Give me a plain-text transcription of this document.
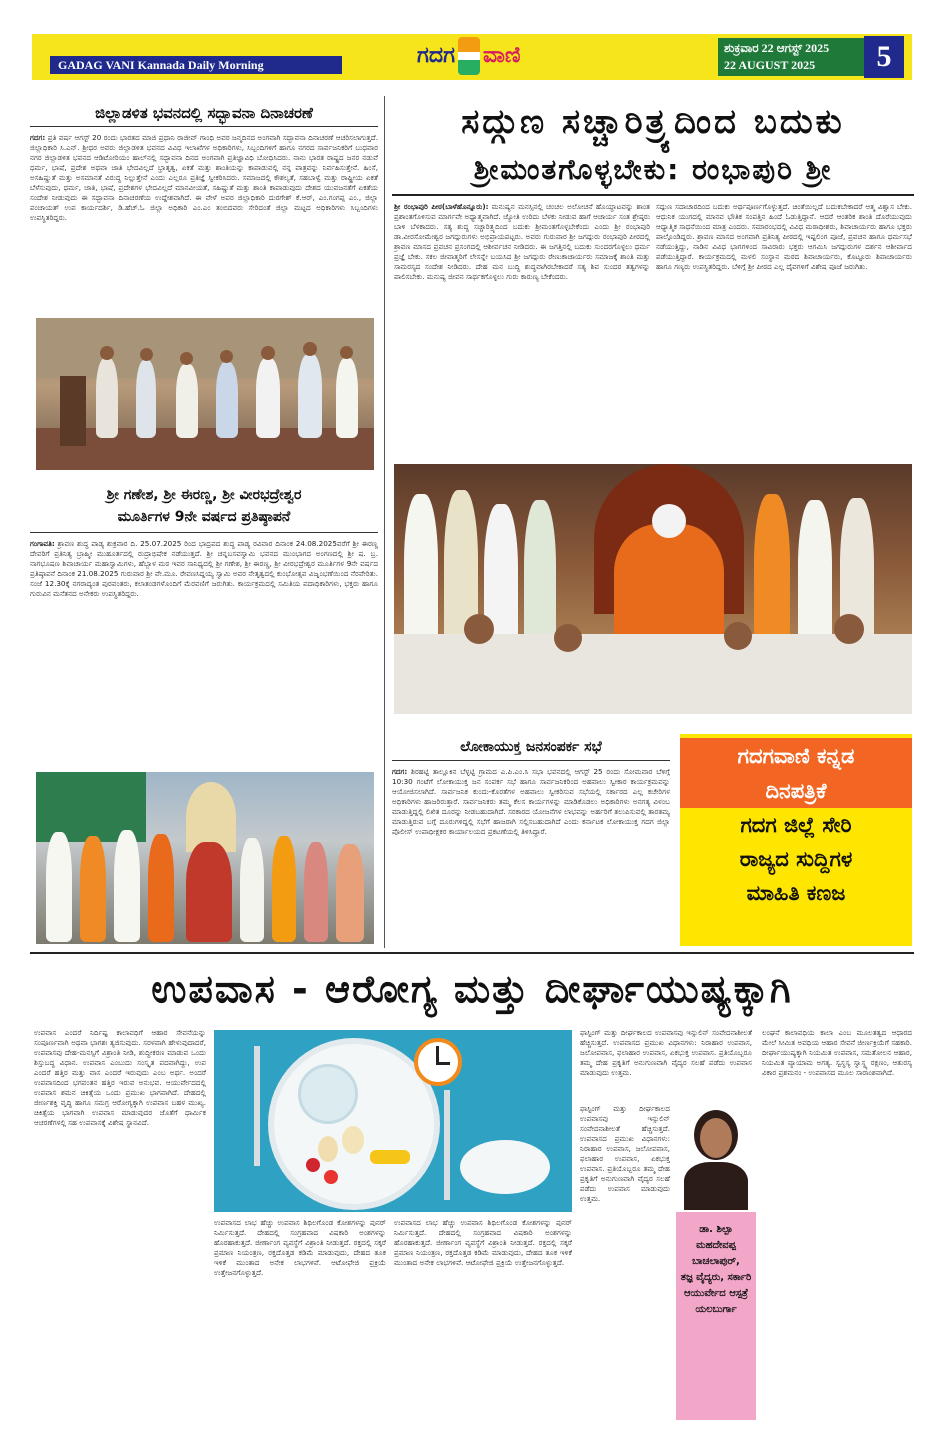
GADAG VANI Kannada Daily Morning	ಗದಗ ವಾಣಿ	ಶುಕ್ರವಾರ 22 ಆಗಸ್ಟ್ 2025
22 AUGUST 2025	5
ಜಿಲ್ಲಾಡಳಿತ ಭವನದಲ್ಲಿ ಸದ್ಭಾವನಾ ದಿನಾಚರಣೆ
ಗದಗ: ಪ್ರತಿ ವರ್ಷ ಆಗಸ್ಟ್ 20 ರಂದು ಭಾರತದ ಮಾಜಿ ಪ್ರಧಾನಿ ರಾಜೀವ್ ಗಾಂಧಿ ಅವರ ಜನ್ಮದಿನದ ಅಂಗವಾಗಿ ಸದ್ಭಾವನಾ ದಿನಾಚರಣೆ ಆಚರಿಸಲಾಗುತ್ತದೆ. ಜಿಲ್ಲಾಧಿಕಾರಿ ಸಿ.ಎನ್. ಶ್ರೀಧರ ಅವರು ಜಿಲ್ಲಾಡಳಿತ ಭವನದ ವಿವಿಧ ಇಲಾಖೆಗಳ ಅಧಿಕಾರಿಗಳು, ಸಿಬ್ಬಂದಿಗಳಿಗೆ ಹಾಗೂ ನಗರದ ಸಾರ್ವಜನಿಕರಿಗೆ ಬುಧವಾರ ನಗರ ಜಿಲ್ಲಾಡಳಿತ ಭವನದ ಆಡಿಟೋರಿಯಂ ಹಾಲ್‌ನಲ್ಲಿ ಸದ್ಭಾವನಾ ದಿನದ ಅಂಗವಾಗಿ ಪ್ರತಿಜ್ಞಾವಿಧಿ ಬೋಧಿಸಿದರು. ನಾನು ಭಾರತ ರಾಷ್ಟ್ರದ ಜನರ ನಡುವೆ ಧರ್ಮ, ಭಾಷೆ, ಪ್ರದೇಶ ಅಥವಾ ಜಾತಿ ಭೇದವಿಲ್ಲದೆ ಭ್ರಾತೃತ್ವ, ಏಕತೆ ಮತ್ತು ಶಾಂತಿಯನ್ನು ಕಾಪಾಡುವಲ್ಲಿ ನನ್ನ ಪಾತ್ರವನ್ನು ನಿರ್ವಹಿಸುತ್ತೇನೆ. ಹಿಂಸೆ, ಅಸಹಿಷ್ಣುತೆ ಮತ್ತು ಅಸಮಾನತೆ ವಿರುದ್ಧ ನಿಲ್ಲುತ್ತೇನೆ ಎಂದು ಎಲ್ಲರೂ ಪ್ರತಿಜ್ಞೆ ಸ್ವೀಕರಿಸಿದರು. ಸಮಾಜದಲ್ಲಿ ಕೌಶಲ್ಯತೆ, ಸಹಬಾಳ್ವೆ ಮತ್ತು ರಾಷ್ಟ್ರೀಯ ಏಕತೆ ಬೆಳೆಸುವುದು, ಧರ್ಮ, ಜಾತಿ, ಭಾಷೆ, ಪ್ರದೇಶಗಳ ಭೇದವಿಲ್ಲದೆ ಮಾನವೀಯತೆ, ಸಹಿಷ್ಣುತೆ ಮತ್ತು ಶಾಂತಿ ಕಾಪಾಡುವುದು ದೇಶದ ಯುವಜನತೆಗೆ ಏಕತೆಯ ಸಂದೇಶ ನೀಡುವುದು ಈ ಸದ್ಭಾವನಾ ದಿನಾಚರಣೆಯ ಉದ್ದೇಶವಾಗಿದೆ. ಈ ವೇಳೆ ಅಪರ ಜಿಲ್ಲಾಧಿಕಾರಿ ದುರಗೇಶ್ ಕೆ.ಆರ್, ಎಂ.ಗಂಗಪ್ಪ ಎಂ., ಜಿಲ್ಲಾ ಪಂಚಾಯತ್ ಉಪ ಕಾರ್ಯದರ್ಶಿ, ಡಿ.ಹೆಚ್.ಓ ಜಿಲ್ಲಾ ಅಧಿಕಾರಿ ಎಂ.ಎಂ ತಂಬಿದವರು ಸೇರಿದಂತೆ ಜಿಲ್ಲಾ ಮಟ್ಟದ ಅಧಿಕಾರಿಗಳು ಸಿಬ್ಬಂದಿಗಳು ಉಪಸ್ಥಿತರಿದ್ದರು.
ಶ್ರೀ ಗಣೇಶ, ಶ್ರೀ ಈರಣ್ಣ, ಶ್ರೀ ವೀರಭದ್ರೇಶ್ವರ
ಮೂರ್ತಿಗಳ 9ನೇ ವರ್ಷದ ಪ್ರತಿಷ್ಠಾಪನೆ
ಗಂಗಾವತಿ: ಶ್ರಾವಣ ಶುದ್ಧ ಪಾಡ್ಯ ಶುಕ್ರವಾರ ದಿ. 25.07.2025 ರಿಂದ ಭಾದ್ರಪದ ಶುದ್ಧ ಪಾಡ್ಯ ರವಿವಾರ ದಿನಾಂಕ 24.08.2025ವರೆಗೆ ಶ್ರೀ ಈರಣ್ಣ ದೇವರಿಗೆ ಪ್ರತಿನಿತ್ಯ ಬ್ರಾಹ್ಮೀ ಮುಹೂರ್ತದಲ್ಲಿ ರುದ್ರಾಭಿಷೇಕ ನಡೆಯುತ್ತದೆ. ಶ್ರೀ ಚನ್ನಬಸವಸ್ವಾಮಿ ಭವನದ ಮುಂಭಾಗದ ಅಂಗಣದಲ್ಲಿ ಶ್ರೀ ಷ. ಬ್ರ. ನಾಗಭೂಷಣ ಶಿವಾಚಾರ್ಯ ಮಹಾಸ್ವಾಮಿಗಳು, ಹೆಬ್ಬಾಳ ಮಠ ಇವರ ಸಾನಿಧ್ಯದಲ್ಲಿ ಶ್ರೀ ಗಣೇಶ, ಶ್ರೀ ಈರಣ್ಣ, ಶ್ರೀ ವೀರಭದ್ರೇಶ್ವರ ಮೂರ್ತಿಗಳ 9ನೇ ವರ್ಷದ ಪ್ರತಿಷ್ಠಾಪನೆ ದಿನಾಂಕ 21.08.2025 ಗುರುವಾರ ಶ್ರೀ ವೇ.ಮೂ. ರೇವಣಸಿದ್ದಯ್ಯ ಸ್ವಾಮಿ ಅವರ ನೇತೃತ್ವದಲ್ಲಿ ಕುಂಭೋತ್ಸವ ವಿಜೃಂಭಣೆಯಿಂದ ನೆರವೇರಿತು. ಸಂಜೆ 12.30ಕ್ಕೆ ನಗರಾದ್ಯಂತ ಪುರವಂತರು, ಕಲಾತಂಡಗಳೊಂದಿಗೆ ಮೆರವಣಿಗೆ ಜರುಗಿತು. ಕಾರ್ಯಕ್ರಮದಲ್ಲಿ ಸಮಿತಿಯ ಪದಾಧಿಕಾರಿಗಳು, ಭಕ್ತರು ಹಾಗೂ ಗುರುವಿನ ಮನೆತನದ ಅನೇಕರು ಉಪಸ್ಥಿತರಿದ್ದರು.
ಸದ್ಗುಣ ಸಚ್ಚಾರಿತ್ರ್ಯದಿಂದ ಬದುಕು
ಶ್ರೀಮಂತಗೊಳ್ಳಬೇಕು: ರಂಭಾಪುರಿ ಶ್ರೀ
ಶ್ರೀ ರಂಭಾಪುರಿ ಪೀಠ(ಬಾಳೆಹೊನ್ನೂರು): ಮನುಷ್ಯನ ಮನಸ್ಸಿನಲ್ಲಿ ಚಂಚಲ ಅಲೋಚನೆ ಹೊಯ್ದಾಟವನ್ನು ಶಾಂತ ಪ್ರಶಾಂತಗೊಳಿಸುವ ಮಾರ್ಗವೇ ಅಧ್ಯಾತ್ಮವಾಗಿದೆ. ಜ್ಯೋತಿ ಉರಿದು ಬೆಳಕು ನೀಡುವ ಹಾಗೆ ಆಚಾರ್ಯ ಸಂತ ಶ್ರೇಷ್ಠರು ಬಾಳಿ ಬೆಳಕಾದರು. ಸತ್ಯ ಶುದ್ಧ ಸಚ್ಚಾರಿತ್ರ್ಯದಿಂದ ಬದುಕು ಶ್ರೀಮಂತಗೊಳ್ಳಬೇಕೆಂದು ಎಂದು ಶ್ರೀ ರಂಭಾಪುರಿ ಡಾ.ವೀರಸೋಮೇಶ್ವರ ಜಗದ್ಗುರುಗಳು ಅಭಿಪ್ರಾಯಪಟ್ಟರು. ಅವರು ಗುರುವಾರ ಶ್ರೀ ಜಗದ್ಗುರು ರಂಭಾಪುರಿ ಪೀಠದಲ್ಲಿ ಶ್ರಾವಣ ಮಾಸದ ಪ್ರವಚನ ಪ್ರಸಂಗದಲ್ಲಿ ಆಶೀರ್ವಚನ ನೀಡಿದರು. ಈ ಜಗತ್ತಿನಲ್ಲಿ ಬದುಕು ಸುಂದರಗೊಳ್ಳಲು ಧರ್ಮ ಪ್ರಜ್ಞೆ ಬೇಕು. ಸಕಲ ಜೀವಾತ್ಮರಿಗೆ ಲೇಸನ್ನೇ ಬಯಸಿದ ಶ್ರೀ ಜಗದ್ಗುರು ರೇಣುಕಾಚಾರ್ಯರು ಸಮಾಜಕ್ಕೆ ಶಾಂತಿ ಮತ್ತು ಸಾಮರಸ್ಯದ ಸಂದೇಶ ನೀಡಿದರು. ದೇಹ ಮನ ಬುದ್ಧಿ ಶುದ್ಧವಾಗಿರಬೇಕಾದರೆ ಸತ್ಯ ಶಿವ ಸುಂದರ ತತ್ವಗಳನ್ನು ಪಾಲಿಸಬೇಕು. ಮನುಷ್ಯ ಜೀವನ ಸಾರ್ಥಕಗೊಳ್ಳಲು ಗುರು ಕಾರುಣ್ಯ ಬೇಕೆಂದರು.
ಸದ್ಗುಣ ಸದಾಚಾರದಿಂದ ಬದುಕು ಅರ್ಥಪೂರ್ಣಗೊಳ್ಳುತ್ತದೆ. ಚಿಂತೆಯಿಲ್ಲದೆ ಬದುಕಬೇಕಾದರೆ ಆತ್ಮ ವಿಶ್ವಾಸ ಬೇಕು. ಆಧುನಿಕ ಯುಗದಲ್ಲಿ ಮಾನವ ಭೌತಿಕ ಸಂಪತ್ತಿನ ಹಿಂದೆ ಓಡುತ್ತಿದ್ದಾನೆ. ಆದರೆ ಆಂತರಿಕ ಶಾಂತಿ ದೊರೆಯುವುದು ಆಧ್ಯಾತ್ಮಿಕ ಸಾಧನೆಯಿಂದ ಮಾತ್ರ ಎಂದರು. ಸಮಾರಂಭದಲ್ಲಿ ವಿವಿಧ ಮಠಾಧೀಶರು, ಶಿವಾಚಾರ್ಯರು ಹಾಗೂ ಭಕ್ತರು ಪಾಲ್ಗೊಂಡಿದ್ದರು. ಶ್ರಾವಣ ಮಾಸದ ಅಂಗವಾಗಿ ಪ್ರತಿನಿತ್ಯ ಪೀಠದಲ್ಲಿ ಇಷ್ಟಲಿಂಗ ಪೂಜೆ, ಪ್ರವಚನ ಹಾಗೂ ಧರ್ಮಸಭೆ ನಡೆಯುತ್ತಿದ್ದು, ನಾಡಿನ ವಿವಿಧ ಭಾಗಗಳಿಂದ ಸಾವಿರಾರು ಭಕ್ತರು ಆಗಮಿಸಿ ಜಗದ್ಗುರುಗಳ ದರ್ಶನ ಆಶೀರ್ವಾದ ಪಡೆಯುತ್ತಿದ್ದಾರೆ. ಕಾರ್ಯಕ್ರಮದಲ್ಲಿ ಮಳಲಿ ಸಂಸ್ಥಾನ ಮಠದ ಶಿವಾಚಾರ್ಯರು, ಕೊಟ್ಟೂರು ಶಿವಾಚಾರ್ಯರು ಹಾಗೂ ಗಣ್ಯರು ಉಪಸ್ಥಿತರಿದ್ದರು. ಬೆಳಿಗ್ಗೆ ಶ್ರೀ ಪೀಠದ ಎಲ್ಲ ದೈವಗಳಿಗೆ ವಿಶೇಷ ಪೂಜೆ ಜರುಗಿತು.
ಲೋಕಾಯುಕ್ತ ಜನಸಂಪರ್ಕ ಸಭೆ
ಗದಗ: ಶಿರಹಟ್ಟಿ ತಾಲ್ಲೂಕಿನ ಬೆಳ್ಳಟ್ಟಿ ಗ್ರಾಮದ ಎ.ಪಿ.ಎಂ.ಸಿ ಸಭಾ ಭವನದಲ್ಲಿ ಆಗಸ್ಟ್ 25 ರಂದು ಸೋಮವಾರ ಬೆಳಿಗ್ಗೆ 10:30 ಗಂಟೆಗೆ ಲೋಕಾಯುಕ್ತ ಜನ ಸಂಪರ್ಕ ಸಭೆ ಹಾಗೂ ಸಾರ್ವಜನಿಕರಿಂದ ಅಹವಾಲು ಸ್ವೀಕಾರ ಕಾರ್ಯಕ್ರಮವನ್ನು ಆಯೋಜಿಸಲಾಗಿದೆ. ಸಾರ್ವಜನಿಕ ಕುಂದು-ಕೊರತೆಗಳ ಅಹವಾಲು ಸ್ವೀಕರಿಸುವ ಸಭೆಯಲ್ಲಿ ಸರ್ಕಾರದ ಎಲ್ಲ ಕಚೇರಿಗಳ ಅಧಿಕಾರಿಗಳು ಹಾಜರಿರುತ್ತಾರೆ. ಸಾರ್ವಜನಿಕರು ತಮ್ಮ ಕೆಲಸ ಕಾರ್ಯಗಳನ್ನು ಮಾಡಿಕೊಡಲು ಅಧಿಕಾರಿಗಳು ಅನಗತ್ಯ ವಿಳಂಬ ಮಾಡುತ್ತಿದ್ದಲ್ಲಿ ಲಿಖಿತ ದೂರನ್ನು ನೀಡಬಹುದಾಗಿದೆ. ಸರಕಾರದ ಯೋಜನೆಗಳ ಲಾಭವನ್ನು ಅರ್ಹರಿಗೆ ತಲುಪಿಸುವಲ್ಲಿ ತಾರತಮ್ಯ ಮಾಡುತ್ತಿರುವ ಬಗ್ಗೆ ದೂರುಗಳಿದ್ದಲ್ಲಿ ಸಭೆಗೆ ಹಾಜರಾಗಿ ಸಲ್ಲಿಸಬಹುದಾಗಿದೆ ಎಂದು ಕರ್ನಾಟಕ ಲೋಕಾಯುಕ್ತ ಗದಗ ಜಿಲ್ಲಾ ಪೊಲೀಸ್ ಉಪಾಧೀಕ್ಷಕರ ಕಾರ್ಯಾಲಯದ ಪ್ರಕಟಣೆಯಲ್ಲಿ ತಿಳಿಸಿದ್ದಾರೆ.
ಗದಗವಾಣಿ ಕನ್ನಡ
ದಿನಪತ್ರಿಕೆ
ಗದಗ ಜಿಲ್ಲೆ ಸೇರಿ
ರಾಜ್ಯದ ಸುದ್ದಿಗಳ
ಮಾಹಿತಿ ಕಣಜ
ಉಪವಾಸ - ಆರೋಗ್ಯ ಮತ್ತು ದೀರ್ಘಾಯುಷ್ಯಕ್ಕಾಗಿ
ಉಪವಾಸ ಎಂದರೆ ನಿರ್ದಿಷ್ಟ ಕಾಲಾವಧಿಗೆ ಆಹಾರ ಸೇವನೆಯನ್ನು ಸಂಪೂರ್ಣವಾಗಿ ಅಥವಾ ಭಾಗಶಃ ತ್ಯಜಿಸುವುದು. ಸರಳವಾಗಿ ಹೇಳುವುದಾದರೆ, ಉಪವಾಸವು ದೇಹ-ಮನಸ್ಸಿಗೆ ವಿಶ್ರಾಂತಿ ನೀಡಿ, ಶುದ್ಧೀಕರಣ ಮಾಡುವ ಒಂದು ಶಿಸ್ತುಬದ್ಧ ವಿಧಾನ. ಉಪವಾಸ ಎಂಬುದು ಸಂಸ್ಕೃತ ಪದವಾಗಿದ್ದು, ಉಪ ಎಂದರೆ ಹತ್ತಿರ ಮತ್ತು ವಾಸ ಎಂದರೆ ಇರುವುದು ಎಂಬ ಅರ್ಥ. ಅಂದರೆ ಉಪವಾಸದಿಂದ ಭಗವಂತನ ಹತ್ತಿರ ಇರುವ ಅನುಭವ. ಆಯುರ್ವೇದದಲ್ಲಿ ಉಪವಾಸ ಶಮನ ಚಿಕಿತ್ಸೆಯ ಒಂದು ಪ್ರಮುಖ ಭಾಗವಾಗಿದೆ. ದೇಹದಲ್ಲಿ ಜೀರ್ಣಶಕ್ತಿ ವೃದ್ಧಿ ಹಾಗೂ ಸಮಗ್ರ ಆರೋಗ್ಯಕ್ಕಾಗಿ ಉಪವಾಸ ಬಹಳ ಮುಖ್ಯ. ಚಿಕಿತ್ಸೆಯ ಭಾಗವಾಗಿ ಉಪವಾಸ ಮಾಡುವುದರ ಜೊತೆಗೆ ಧಾರ್ಮಿಕ ಆಚರಣೆಗಳಲ್ಲಿ ಸಹ ಉಪವಾಸಕ್ಕೆ ವಿಶೇಷ ಸ್ಥಾನವಿದೆ.
ಉಪವಾಸದ ಲಾಭ ಹೆಚ್ಚು ಉಪವಾಸ ಶಿಥಿಲಗೊಂಡ ಕೋಶಗಳನ್ನು ಪುನರ್ ನಿರ್ಮಿಸುತ್ತದೆ. ದೇಹದಲ್ಲಿ ಸಂಗ್ರಹವಾದ ವಿಷಕಾರಿ ಅಂಶಗಳನ್ನು ಹೊರಹಾಕುತ್ತದೆ. ಜೀರ್ಣಾಂಗ ವ್ಯವಸ್ಥೆಗೆ ವಿಶ್ರಾಂತಿ ನೀಡುತ್ತದೆ. ರಕ್ತದಲ್ಲಿ ಸಕ್ಕರೆ ಪ್ರಮಾಣ ನಿಯಂತ್ರಣ, ರಕ್ತದೊತ್ತಡ ಕಡಿಮೆ ಮಾಡುವುದು, ದೇಹದ ತೂಕ ಇಳಿಕೆ ಮುಂತಾದ ಅನೇಕ ಲಾಭಗಳಿವೆ. ಆಟೋಫೇಜಿ ಪ್ರಕ್ರಿಯೆ ಉತ್ತೇಜನಗೊಳ್ಳುತ್ತದೆ.
ಉಪವಾಸದ ಲಾಭ ಹೆಚ್ಚು ಉಪವಾಸ ಶಿಥಿಲಗೊಂಡ ಕೋಶಗಳನ್ನು ಪುನರ್ ನಿರ್ಮಿಸುತ್ತದೆ. ದೇಹದಲ್ಲಿ ಸಂಗ್ರಹವಾದ ವಿಷಕಾರಿ ಅಂಶಗಳನ್ನು ಹೊರಹಾಕುತ್ತದೆ. ಜೀರ್ಣಾಂಗ ವ್ಯವಸ್ಥೆಗೆ ವಿಶ್ರಾಂತಿ ನೀಡುತ್ತದೆ. ರಕ್ತದಲ್ಲಿ ಸಕ್ಕರೆ ಪ್ರಮಾಣ ನಿಯಂತ್ರಣ, ರಕ್ತದೊತ್ತಡ ಕಡಿಮೆ ಮಾಡುವುದು, ದೇಹದ ತೂಕ ಇಳಿಕೆ ಮುಂತಾದ ಅನೇಕ ಲಾಭಗಳಿವೆ. ಆಟೋಫೇಜಿ ಪ್ರಕ್ರಿಯೆ ಉತ್ತೇಜನಗೊಳ್ಳುತ್ತದೆ.
ಫಾಸ್ಟಿಂಗ್ ಮತ್ತು ದೀರ್ಘಕಾಲದ ಉಪವಾಸವು ಇನ್ಸುಲಿನ್ ಸಂವೇದನಾಶೀಲತೆ ಹೆಚ್ಚಿಸುತ್ತದೆ. ಉಪವಾಸದ ಪ್ರಮುಖ ವಿಧಾನಗಳು: ನಿರಾಹಾರ ಉಪವಾಸ, ಜಲೋಪವಾಸ, ಫಲಾಹಾರ ಉಪವಾಸ, ಏಕಭುಕ್ತ ಉಪವಾಸ. ಪ್ರತಿಯೊಬ್ಬರೂ ತಮ್ಮ ದೇಹ ಪ್ರಕೃತಿಗೆ ಅನುಗುಣವಾಗಿ ವೈದ್ಯರ ಸಲಹೆ ಪಡೆದು ಉಪವಾಸ ಮಾಡುವುದು ಉತ್ತಮ.
ಡಾ. ಶಿಲ್ಪಾ ಮಹದೇವಪ್ಪ ಬಾಚಲಾಪುರ್,
ತಜ್ಞ ವೈದ್ಯರು, ಸರ್ಕಾರಿ
ಆಯುರ್ವೇದ ಆಸ್ಪತ್ರೆ ಯಲಬುರ್ಗಾ
ಫಾಸ್ಟಿಂಗ್ ಮತ್ತು ದೀರ್ಘಕಾಲದ ಉಪವಾಸವು ಇನ್ಸುಲಿನ್ ಸಂವೇದನಾಶೀಲತೆ ಹೆಚ್ಚಿಸುತ್ತದೆ. ಉಪವಾಸದ ಪ್ರಮುಖ ವಿಧಾನಗಳು: ನಿರಾಹಾರ ಉಪವಾಸ, ಜಲೋಪವಾಸ, ಫಲಾಹಾರ ಉಪವಾಸ, ಏಕಭುಕ್ತ ಉಪವಾಸ. ಪ್ರತಿಯೊಬ್ಬರೂ ತಮ್ಮ ದೇಹ ಪ್ರಕೃತಿಗೆ ಅನುಗುಣವಾಗಿ ವೈದ್ಯರ ಸಲಹೆ ಪಡೆದು ಉಪವಾಸ ಮಾಡುವುದು ಉತ್ತಮ.
ಲಂಘನೆ ಕಾಲಾವಧಿಯ ಕಾಲಾ ಎಂಬ ಮೂಲತತ್ವದ ಆಧಾರದ ಮೇಲೆ ಸೀಮಿತ ಅವಧಿಯ ಆಹಾರ ಸೇವನೆ ಜೀರ್ಣಕ್ರಿಯೆಗೆ ಸಹಕಾರಿ. ದೀರ್ಘಾಯುಷ್ಯಕ್ಕಾಗಿ ನಿಯಮಿತ ಉಪವಾಸ, ಸಮತೋಲನ ಆಹಾರ, ನಿಯಮಿತ ವ್ಯಾಯಾಮ ಅಗತ್ಯ. ಸ್ವಸ್ಥಸ್ಯ ಸ್ವಾಸ್ಥ್ಯ ರಕ್ಷಣಂ, ಆತುರಸ್ಯ ವಿಕಾರ ಪ್ರಶಮನಂ - ಉಪವಾಸದ ಮೂಲ ಸಾರಾಂಶವಾಗಿದೆ.
